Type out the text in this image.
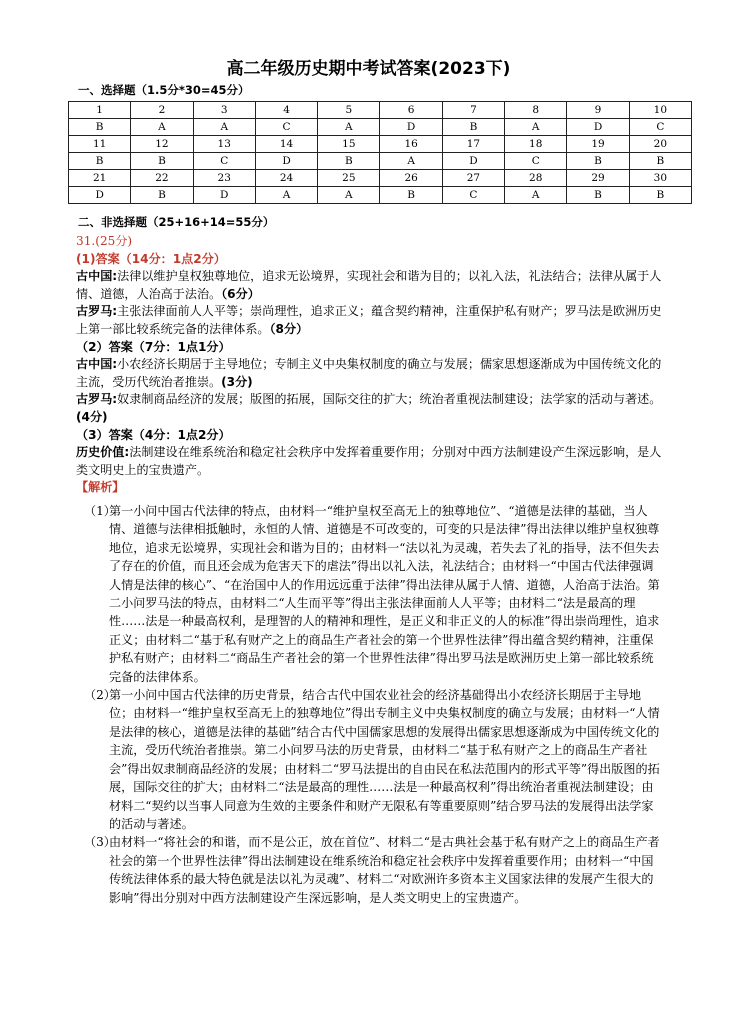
高二年级历史期中考试答案(2023下)
一、选择题（1.5分*30=45分）
1	2	3	4	5	6	7	8	9	10
B	A	A	C	A	D	B	A	D	C
11	12	13	14	15	16	17	18	19	20
B	B	C	D	B	A	D	C	B	B
21	22	23	24	25	26	27	28	29	30
D	B	D	A	A	B	C	A	B	B
二、非选择题（25+16+14=55分）

31.(25分)

(1)答案（14分：1点2分）

古中国:法律以维护皇权独尊地位，追求无讼境界，实现社会和谐为目的；以礼入法，礼法结合；法律从属于人情、道德，人治高于法治。（6分）

古罗马:主张法律面前人人平等；崇尚理性，追求正义；蕴含契约精神，注重保护私有财产；罗马法是欧洲历史上第一部比较系统完备的法律体系。（8分）

（2）答案（7分：1点1分）

古中国:小农经济长期居于主导地位；专制主义中央集权制度的确立与发展；儒家思想逐渐成为中国传统文化的主流，受历代统治者推崇。(3分)

古罗马:奴隶制商品经济的发展；版图的拓展，国际交往的扩大；统治者重视法制建设；法学家的活动与著述。(4分)

（3）答案（4分：1点2分）

历史价值:法制建设在维系统治和稳定社会秩序中发挥着重要作用；分别对中西方法制建设产生深远影响，是人类文明史上的宝贵遗产。

【解析】

（1）
第一小问中国古代法律的特点，由材料一“维护皇权至高无上的独尊地位”、“道德是法律的基础，当人情、道德与法律相抵触时，永恒的人情、道德是不可改变的，可变的只是法律”得出法律以维护皇权独尊地位，追求无讼境界，实现社会和谐为目的；由材料一“法以礼为灵魂，若失去了礼的指导，法不但失去了存在的价值，而且还会成为危害天下的虐法”得出以礼入法，礼法结合；由材料一“中国古代法律强调人情是法律的核心”、“在治国中人的作用远远重于法律”得出法律从属于人情、道德，人治高于法治。第二小问罗马法的特点，由材料二“人生而平等”得出主张法律面前人人平等；由材料二“法是最高的理性……法是一种最高权利，是理智的人的精神和理性，是正义和非正义的人的标准”得出崇尚理性，追求正义；由材料二“基于私有财产之上的商品生产者社会的第一个世界性法律”得出蕴含契约精神，注重保护私有财产；由材料二“商品生产者社会的第一个世界性法律”得出罗马法是欧洲历史上第一部比较系统完备的法律体系。
（2）
第一小问中国古代法律的历史背景，结合古代中国农业社会的经济基础得出小农经济长期居于主导地位；由材料一“维护皇权至高无上的独尊地位”得出专制主义中央集权制度的确立与发展；由材料一“人情是法律的核心，道德是法律的基础”结合古代中国儒家思想的发展得出儒家思想逐渐成为中国传统文化的主流，受历代统治者推崇。第二小问罗马法的历史背景，由材料二“基于私有财产之上的商品生产者社会”得出奴隶制商品经济的发展；由材料二“罗马法提出的自由民在私法范围内的形式平等”得出版图的拓展，国际交往的扩大；由材料二“法是最高的理性……法是一种最高权利”得出统治者重视法制建设；由材料二“契约以当事人同意为生效的主要条件和财产无限私有等重要原则”结合罗马法的发展得出法学家的活动与著述。
（3）
由材料一“将社会的和谐，而不是公正，放在首位”、材料二“是古典社会基于私有财产之上的商品生产者社会的第一个世界性法律”得出法制建设在维系统治和稳定社会秩序中发挥着重要作用；由材料一“中国传统法律体系的最大特色就是法以礼为灵魂”、材料二“对欧洲许多资本主义国家法律的发展产生很大的影响”得出分别对中西方法制建设产生深远影响，是人类文明史上的宝贵遗产。
